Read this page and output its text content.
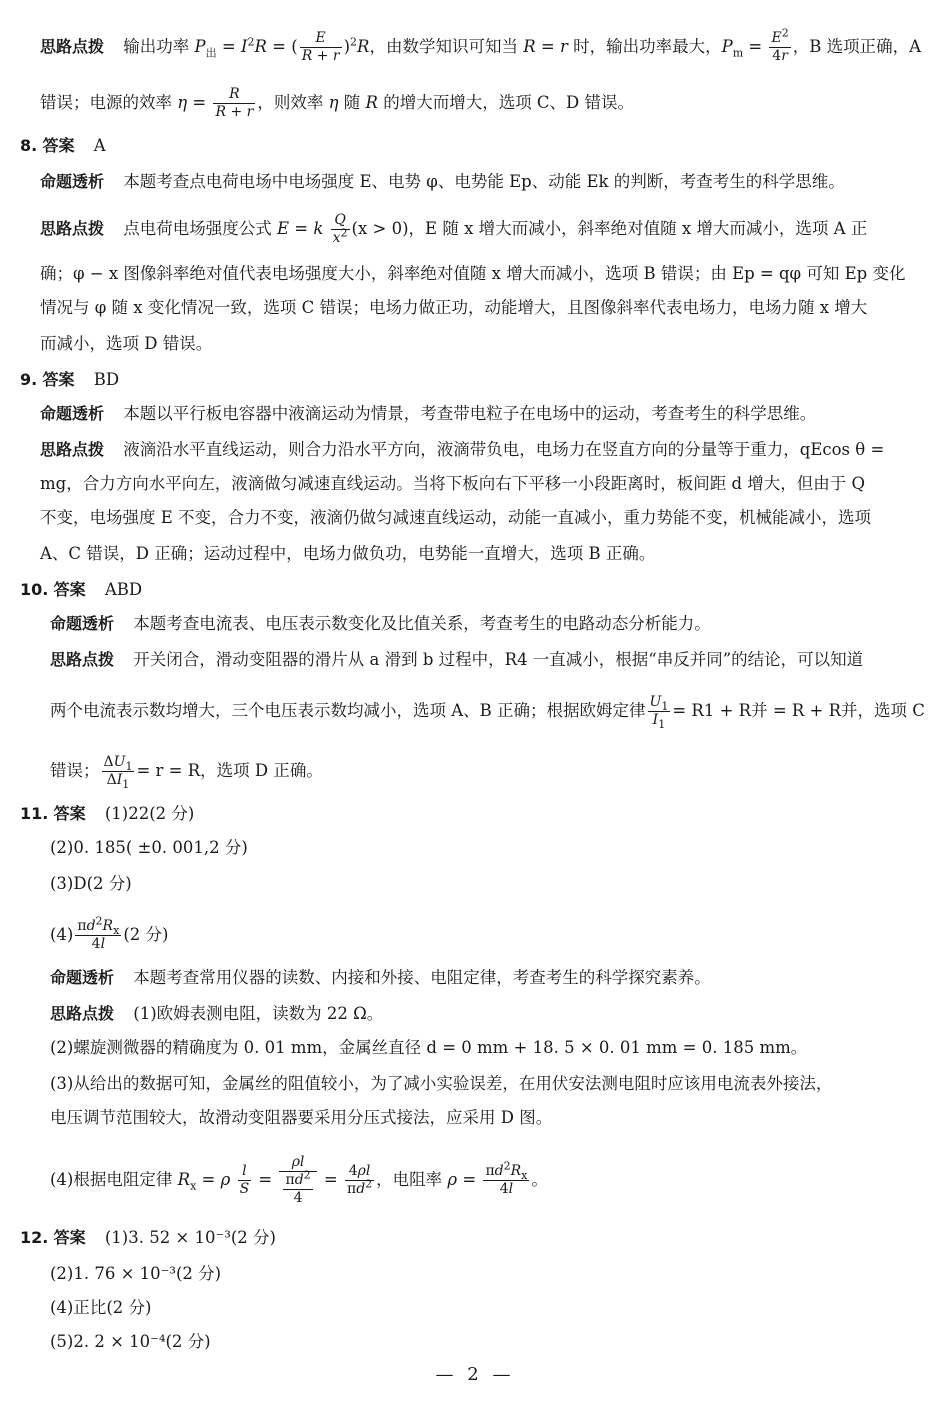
思路点拨 输出功率 $P_出 = I^2R$ = ( $\frac{E}{R + r} )^2R$，由数学知识可知当 R = r 时，输出功率最大，$P_m = \frac{E^2}{4r}$ ，B 选项正确，A
错误；电源的效率 $\eta = \frac{R}{R + r}$ ，则效率 η 随 R 的增大而增大，选项 C、D 错误。
8. 答案 A
命题透析 本题考查点电荷电场中电场强度 E、电势 φ、电势能 Ep、动能 Ek 的判断，考查考生的科学思维。
思路点拨 点电荷电场强度公式 E = k $\frac{Q}{x^2} (x > 0)$，E 随 x 增大而减小，斜率绝对值随 x 增大而减小，选项 A 正
确；φ − x 图像斜率绝对值代表电场强度大小，斜率绝对值随 x 增大而减小，选项 B 错误；由 Ep = qφ 可知 Ep 变化
情况与 φ 随 x 变化情况一致，选项 C 错误；电场力做正功，动能增大，且图像斜率代表电场力，电场力随 x 增大
而减小，选项 D 错误。
9. 答案 BD
命题透析 本题以平行板电容器中液滴运动为情景，考查带电粒子在电场中的运动，考查考生的科学思维。
思路点拨 液滴沿水平直线运动，则合力沿水平方向，液滴带负电，电场力在竖直方向的分量等于重力，qEcos θ =
mg，合力方向水平向左，液滴做匀减速直线运动。当将下板向右下平移一小段距离时，板间距 d 增大，但由于 Q
不变，电场强度 E 不变，合力不变，液滴仍做匀减速直线运动，动能一直减小，重力势能不变，机械能减小，选项
A、C 错误，D 正确；运动过程中，电场力做负功，电势能一直增大，选项 B 正确。
10. 答案 ABD
命题透析 本题考查电流表、电压表示数变化及比值关系，考查考生的电路动态分析能力。
思路点拨 开关闭合，滑动变阻器的滑片从 a 滑到 b 过程中，R4 一直减小，根据“串反并同”的结论，可以知道
两个电流表示数均增大，三个电压表示数均减小，选项 A、B 正确；根据欧姆定律 $\frac{U_1}{I_1} = R1 + R$并 = R + R并，选项 C
错误； $\frac{\Delta U_1}{\Delta I_1} = r = R$，选项 D 正确。
11. 答案 (1)22(2 分)
(2)0. 185( ±0. 001,2 分)
(3)D(2 分)
$(4) \frac{\pi d^2R_x}{4l} (2$ 分)
命题透析 本题考查常用仪器的读数、内接和外接、电阻定律，考查考生的科学探究素养。
思路点拨 (1)欧姆表测电阻，读数为 22 Ω。
(2)螺旋测微器的精确度为 0. 01 mm，金属丝直径 d = 0 mm + 18. 5 × 0. 01 mm = 0. 185 mm。
(3)从给出的数据可知，金属丝的阻值较小，为了减小实验误差，在用伏安法测电阻时应该用电流表外接法，
电压调节范围较大，故滑动变阻器要采用分压式接法，应采用 D 图。
(4)根据电阻定律 $R_x = \rho \frac{l}{S} = \frac{\rho l}{\frac{\pi d^2}{4}} = \frac{4\rho l}{\pi d^2}$ ，电阻率 $\rho = \frac{\pi d^2R_x}{4l}$ 。
12. 答案 (1)3. 52 × 10⁻³(2 分)
(2)1. 76 × 10⁻³(2 分)
(4)正比(2 分)
(5)2. 2 × 10⁻⁴(2 分)
— 2 —
